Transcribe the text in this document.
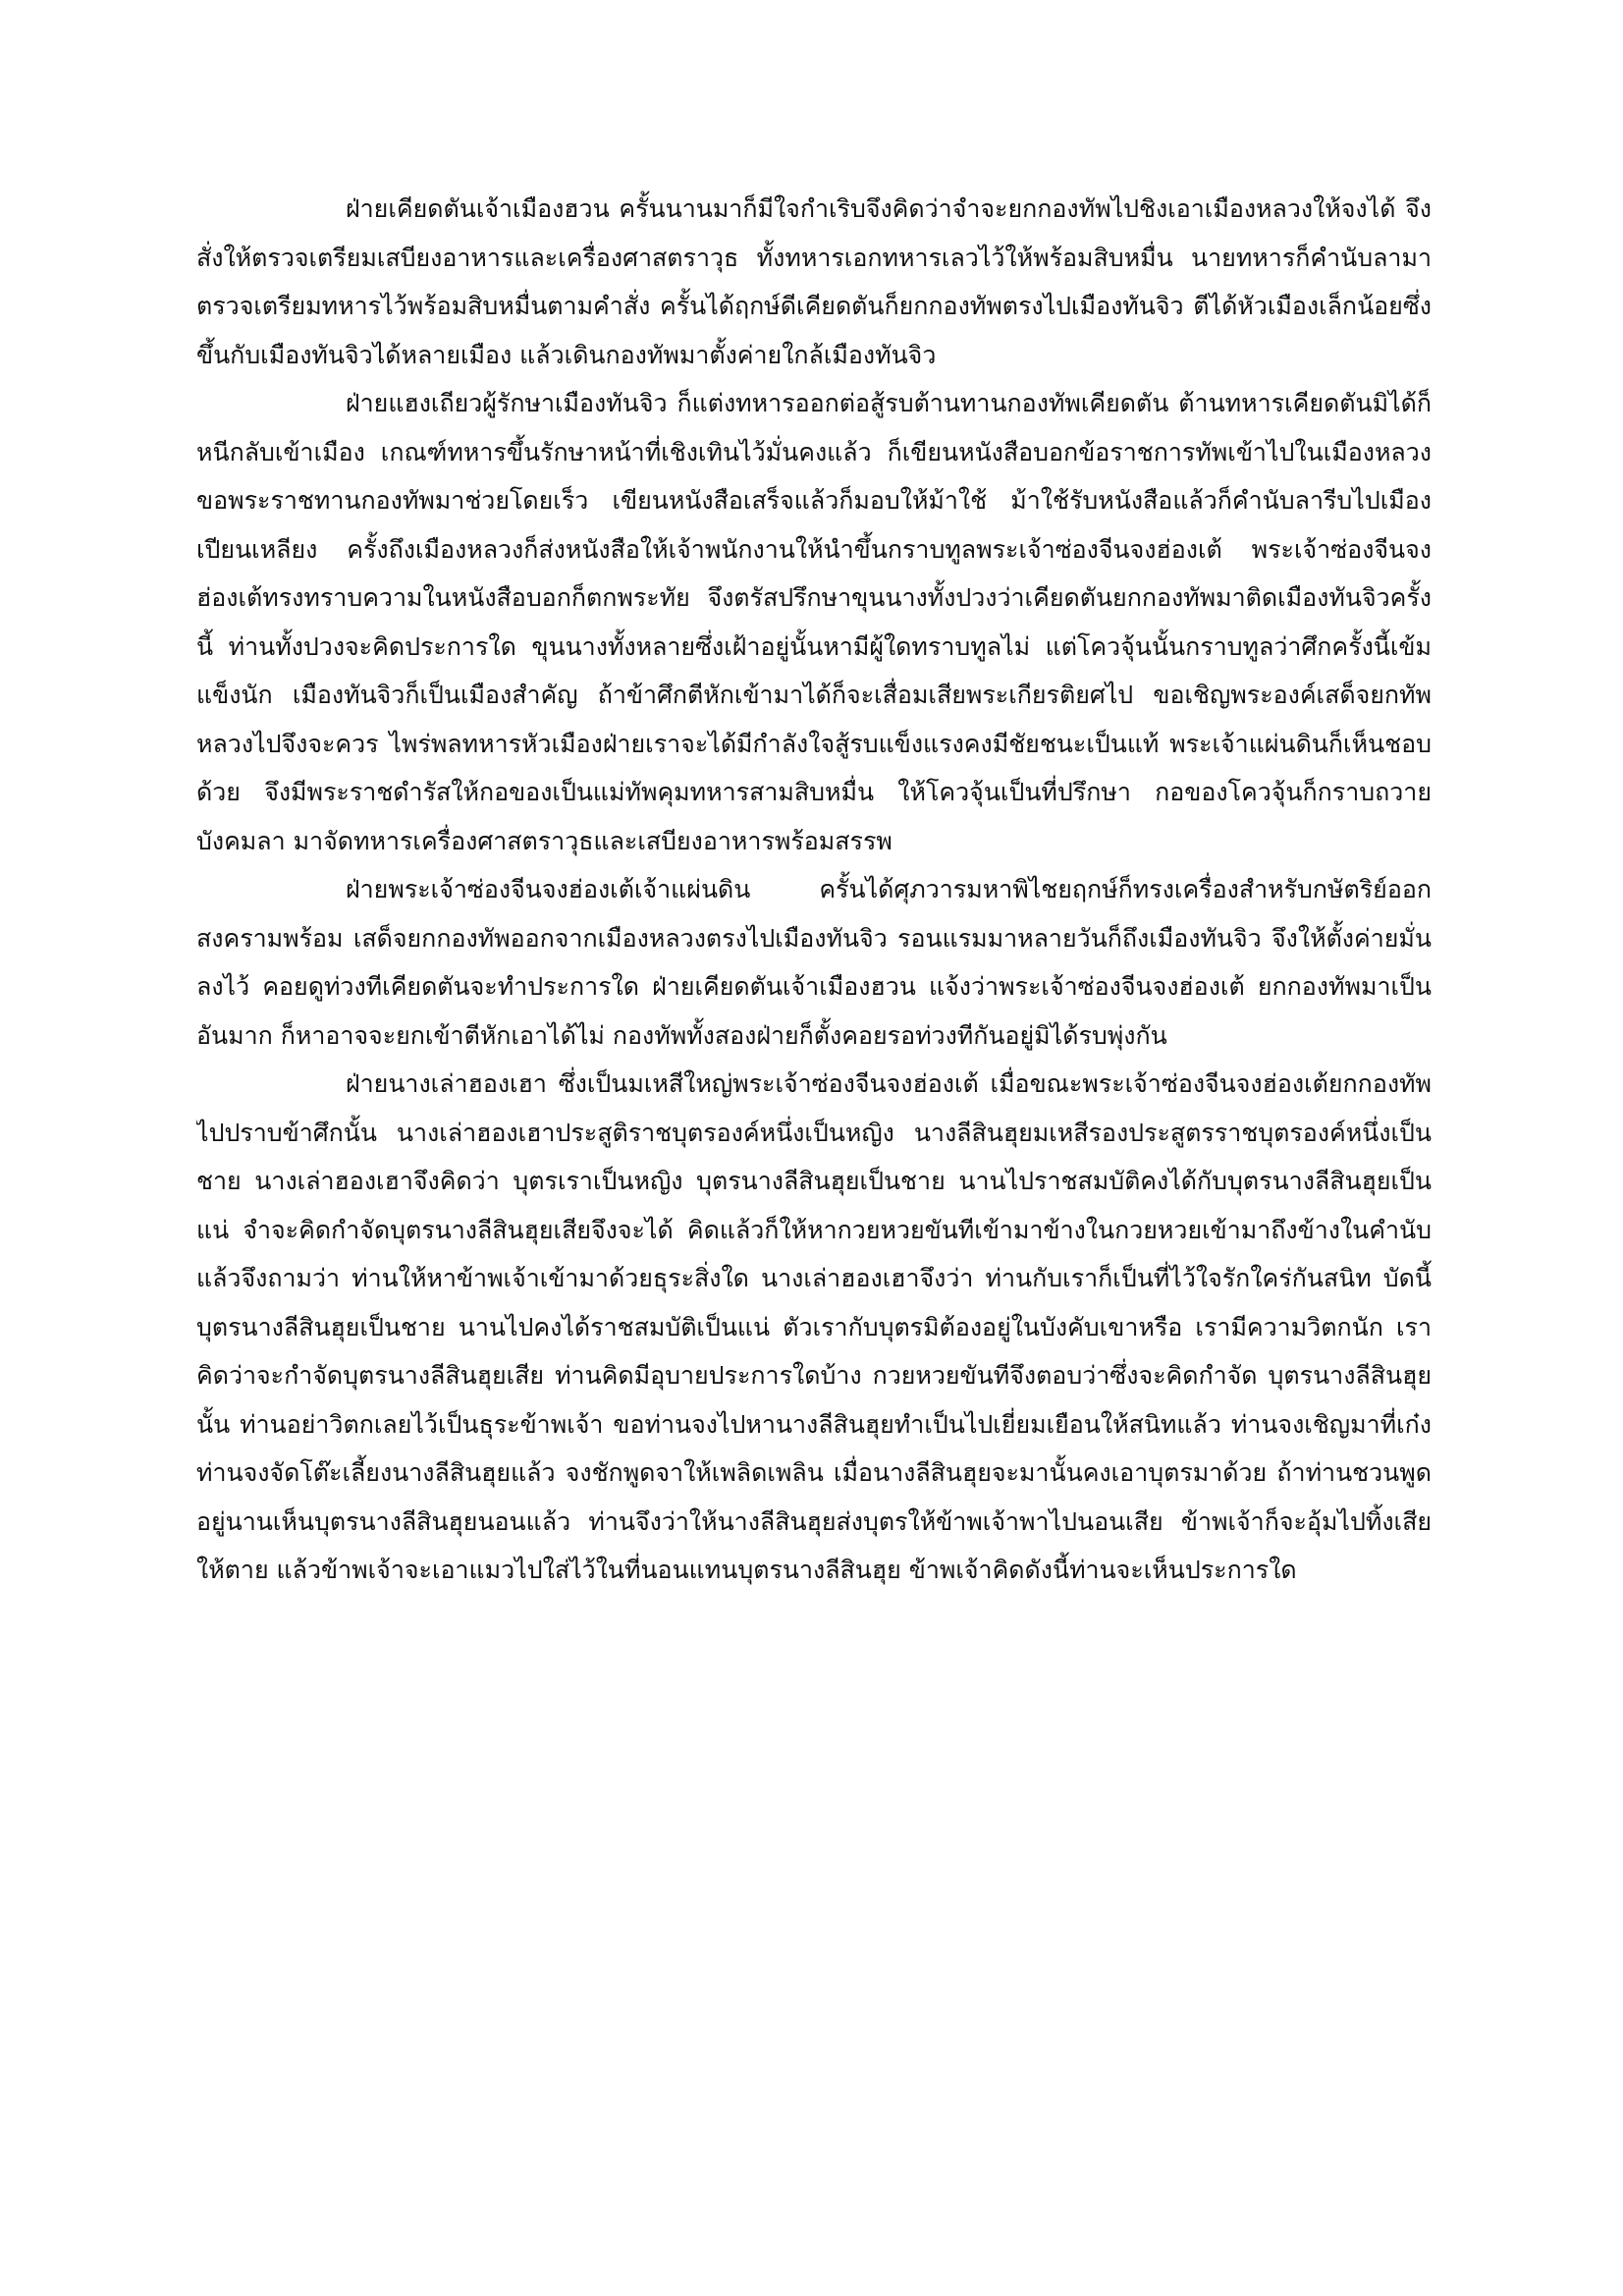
ฝ่ายเคียดตันเจ้าเมืองฮวน ครั้นนานมาก็มีใจกำเริบจึงคิดว่าจำจะยกกองทัพไปชิงเอาเมืองหลวงให้จงได้ จึงสั่งให้ตรวจเตรียมเสบียงอาหารและเครื่องศาสตราวุธ ทั้งทหารเอกทหารเลวไว้ให้พร้อมสิบหมื่น นายทหารก็คำนับลามาตรวจเตรียมทหารไว้พร้อมสิบหมื่นตามคำสั่ง ครั้นได้ฤกษ์ดีเคียดตันก็ยกกองทัพตรงไปเมืองทันจิว ตีได้หัวเมืองเล็กน้อยซึ่งขึ้นกับเมืองทันจิวได้หลายเมือง แล้วเดินกองทัพมาตั้งค่ายใกล้เมืองทันจิว

ฝ่ายแฮงเถียวผู้รักษาเมืองทันจิว ก็แต่งทหารออกต่อสู้รบต้านทานกองทัพเคียดตัน ต้านทหารเคียดตันมิได้ก็หนีกลับเข้าเมือง เกณฑ์ทหารขึ้นรักษาหน้าที่เชิงเทินไว้มั่นคงแล้ว ก็เขียนหนังสือบอกข้อราชการทัพเข้าไปในเมืองหลวง ขอพระราชทานกองทัพมาช่วยโดยเร็ว เขียนหนังสือเสร็จแล้วก็มอบให้ม้าใช้ ม้าใช้รับหนังสือแล้วก็คำนับลารีบไปเมืองเปียนเหลียง ครั้งถึงเมืองหลวงก็ส่งหนังสือให้เจ้าพนักงานให้นำขึ้นกราบทูลพระเจ้าซ่องจีนจงฮ่องเต้ พระเจ้าซ่องจีนจงฮ่องเต้ทรงทราบความในหนังสือบอกก็ตกพระทัย จึงตรัสปรึกษาขุนนางทั้งปวงว่าเคียดตันยกกองทัพมาติดเมืองทันจิวครั้งนี้ ท่านทั้งปวงจะคิดประการใด ขุนนางทั้งหลายซึ่งเฝ้าอยู่นั้นหามีผู้ใดทราบทูลไม่ แต่โควจุ้นนั้นกราบทูลว่าศึกครั้งนี้เข้มแข็งนัก เมืองทันจิวก็เป็นเมืองสำคัญ ถ้าข้าศึกตีหักเข้ามาได้ก็จะเสื่อมเสียพระเกียรติยศไป ขอเชิญพระองค์เสด็จยกทัพหลวงไปจึงจะควร ไพร่พลทหารหัวเมืองฝ่ายเราจะได้มีกำลังใจสู้รบแข็งแรงคงมีชัยชนะเป็นแท้ พระเจ้าแผ่นดินก็เห็นชอบด้วย จึงมีพระราชดำรัสให้กอของเป็นแม่ทัพคุมทหารสามสิบหมื่น ให้โควจุ้นเป็นที่ปรึกษา กอของโควจุ้นก็กราบถวายบังคมลา มาจัดทหารเครื่องศาสตราวุธและเสบียงอาหารพร้อมสรรพ

ฝ่ายพระเจ้าซ่องจีนจงฮ่องเต้เจ้าแผ่นดิน ครั้นได้ศุภวารมหาพิไชยฤกษ์ก็ทรงเครื่องสำหรับกษัตริย์ออกสงครามพร้อม เสด็จยกกองทัพออกจากเมืองหลวงตรงไปเมืองทันจิว รอนแรมมาหลายวันก็ถึงเมืองทันจิว จึงให้ตั้งค่ายมั่นลงไว้ คอยดูท่วงทีเคียดตันจะทำประการใด ฝ่ายเคียดตันเจ้าเมืองฮวน แจ้งว่าพระเจ้าซ่องจีนจงฮ่องเต้ ยกกองทัพมาเป็นอันมาก ก็หาอาจจะยกเข้าตีหักเอาได้ไม่ กองทัพทั้งสองฝ่ายก็ตั้งคอยรอท่วงทีกันอยู่มิได้รบพุ่งกัน

ฝ่ายนางเล่าฮองเฮา ซึ่งเป็นมเหสีใหญ่พระเจ้าซ่องจีนจงฮ่องเต้ เมื่อขณะพระเจ้าซ่องจีนจงฮ่องเต้ยกกองทัพไปปราบข้าศึกนั้น นางเล่าฮองเฮาประสูติราชบุตรองค์หนึ่งเป็นหญิง นางลีสินฮุยมเหสีรองประสูตรราชบุตรองค์หนึ่งเป็นชาย นางเล่าฮองเฮาจึงคิดว่า บุตรเราเป็นหญิง บุตรนางลีสินฮุยเป็นชาย นานไปราชสมบัติคงได้กับบุตรนางลีสินฮุยเป็นแน่ จำจะคิดกำจัดบุตรนางลีสินฮุยเสียจึงจะได้ คิดแล้วก็ให้หากวยหวยขันทีเข้ามาข้างในกวยหวยเข้ามาถึงข้างในคำนับแล้วจึงถามว่า ท่านให้หาข้าพเจ้าเข้ามาด้วยธุระสิ่งใด นางเล่าฮองเฮาจึงว่า ท่านกับเราก็เป็นที่ไว้ใจรักใคร่กันสนิท บัดนี้บุตรนางลีสินฮุยเป็นชาย นานไปคงได้ราชสมบัติเป็นแน่ ตัวเรากับบุตรมิต้องอยู่ในบังคับเขาหรือ เรามีความวิตกนัก เราคิดว่าจะกำจัดบุตรนางลีสินฮุยเสีย ท่านคิดมีอุบายประการใดบ้าง กวยหวยขันทีจึงตอบว่าซึ่งจะคิดกำจัด บุตรนางลีสินฮุยนั้น ท่านอย่าวิตกเลยไว้เป็นธุระข้าพเจ้า ขอท่านจงไปหานางลีสินฮุยทำเป็นไปเยี่ยมเยือนให้สนิทแล้ว ท่านจงเชิญมาที่เก๋ง ท่านจงจัดโต๊ะเลี้ยงนางลีสินฮุยแล้ว จงชักพูดจาให้เพลิดเพลิน เมื่อนางลีสินฮุยจะมานั้นคงเอาบุตรมาด้วย ถ้าท่านชวนพูดอยู่นานเห็นบุตรนางลีสินฮุยนอนแล้ว ท่านจึงว่าให้นางลีสินฮุยส่งบุตรให้ข้าพเจ้าพาไปนอนเสีย ข้าพเจ้าก็จะอุ้มไปทิ้งเสียให้ตาย แล้วข้าพเจ้าจะเอาแมวไปใส่ไว้ในที่นอนแทนบุตรนางลีสินฮุย ข้าพเจ้าคิดดังนี้ท่านจะเห็นประการใด
